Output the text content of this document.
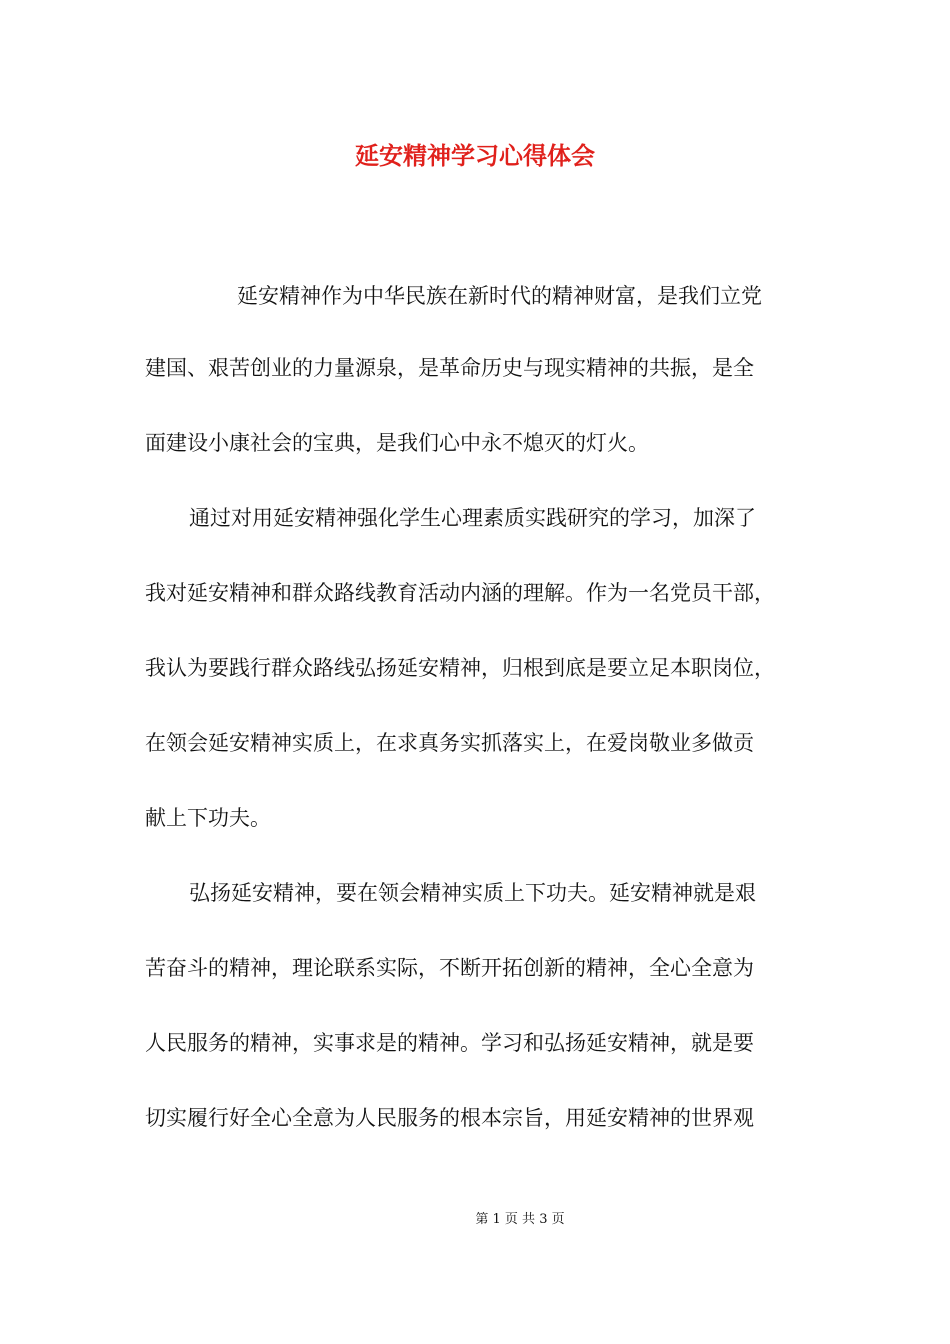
延安精神学习心得体会
延安精神作为中华民族在新时代的精神财富，是我们立党
建国、艰苦创业的力量源泉，是革命历史与现实精神的共振，是全
面建设小康社会的宝典，是我们心中永不熄灭的灯火。
通过对用延安精神强化学生心理素质实践研究的学习，加深了
我对延安精神和群众路线教育活动内涵的理解。作为一名党员干部，
我认为要践行群众路线弘扬延安精神，归根到底是要立足本职岗位，
在领会延安精神实质上，在求真务实抓落实上，在爱岗敬业多做贡
献上下功夫。
弘扬延安精神，要在领会精神实质上下功夫。延安精神就是艰
苦奋斗的精神，理论联系实际，不断开拓创新的精神，全心全意为
人民服务的精神，实事求是的精神。学习和弘扬延安精神，就是要
切实履行好全心全意为人民服务的根本宗旨，用延安精神的世界观
第 1 页 共 3 页
